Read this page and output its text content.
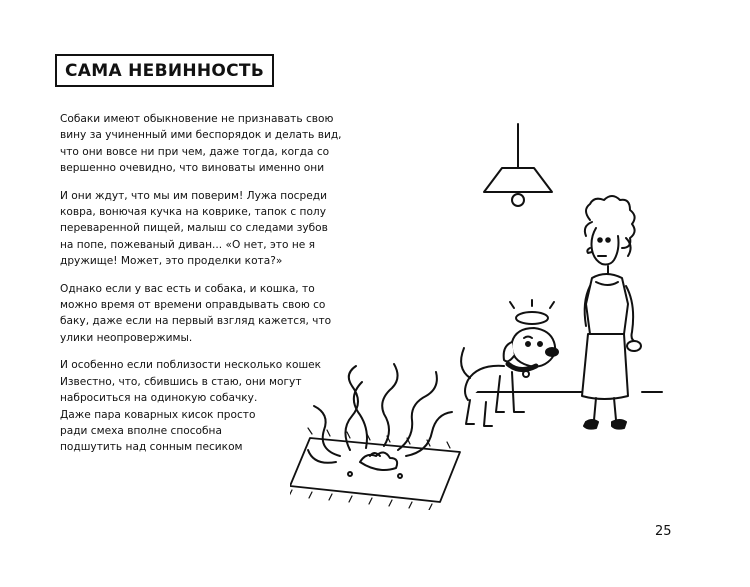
САМА НЕВИННОСТЬ

Собаки имеют обыкновение не признавать свою
вину за учиненный ими беспорядок и делать вид,
что они вовсе ни при чем, даже тогда, когда со
вершенно очевидно, что виноваты именно они

И они ждут, что мы им поверим! Лужа посреди
ковра, вонючая кучка на коврике, тапок с полу
переваренной пищей, малыш со следами зубов
на попе, пожеваный диван... «О нет, это не я
дружище! Может, это проделки кота?»

Однако если у вас есть и собака, и кошка, то
можно время от времени оправдывать свою со
баку, даже если на первый взгляд кажется, что
улики неопровержимы.

И особенно если поблизости несколько кошек
Известно, что, сбившись в стаю, они могут
наброситься на одинокую собачку.
Даже пара коварных кисок просто
ради смеха вполне способна
подшутить над сонным песиком

25
